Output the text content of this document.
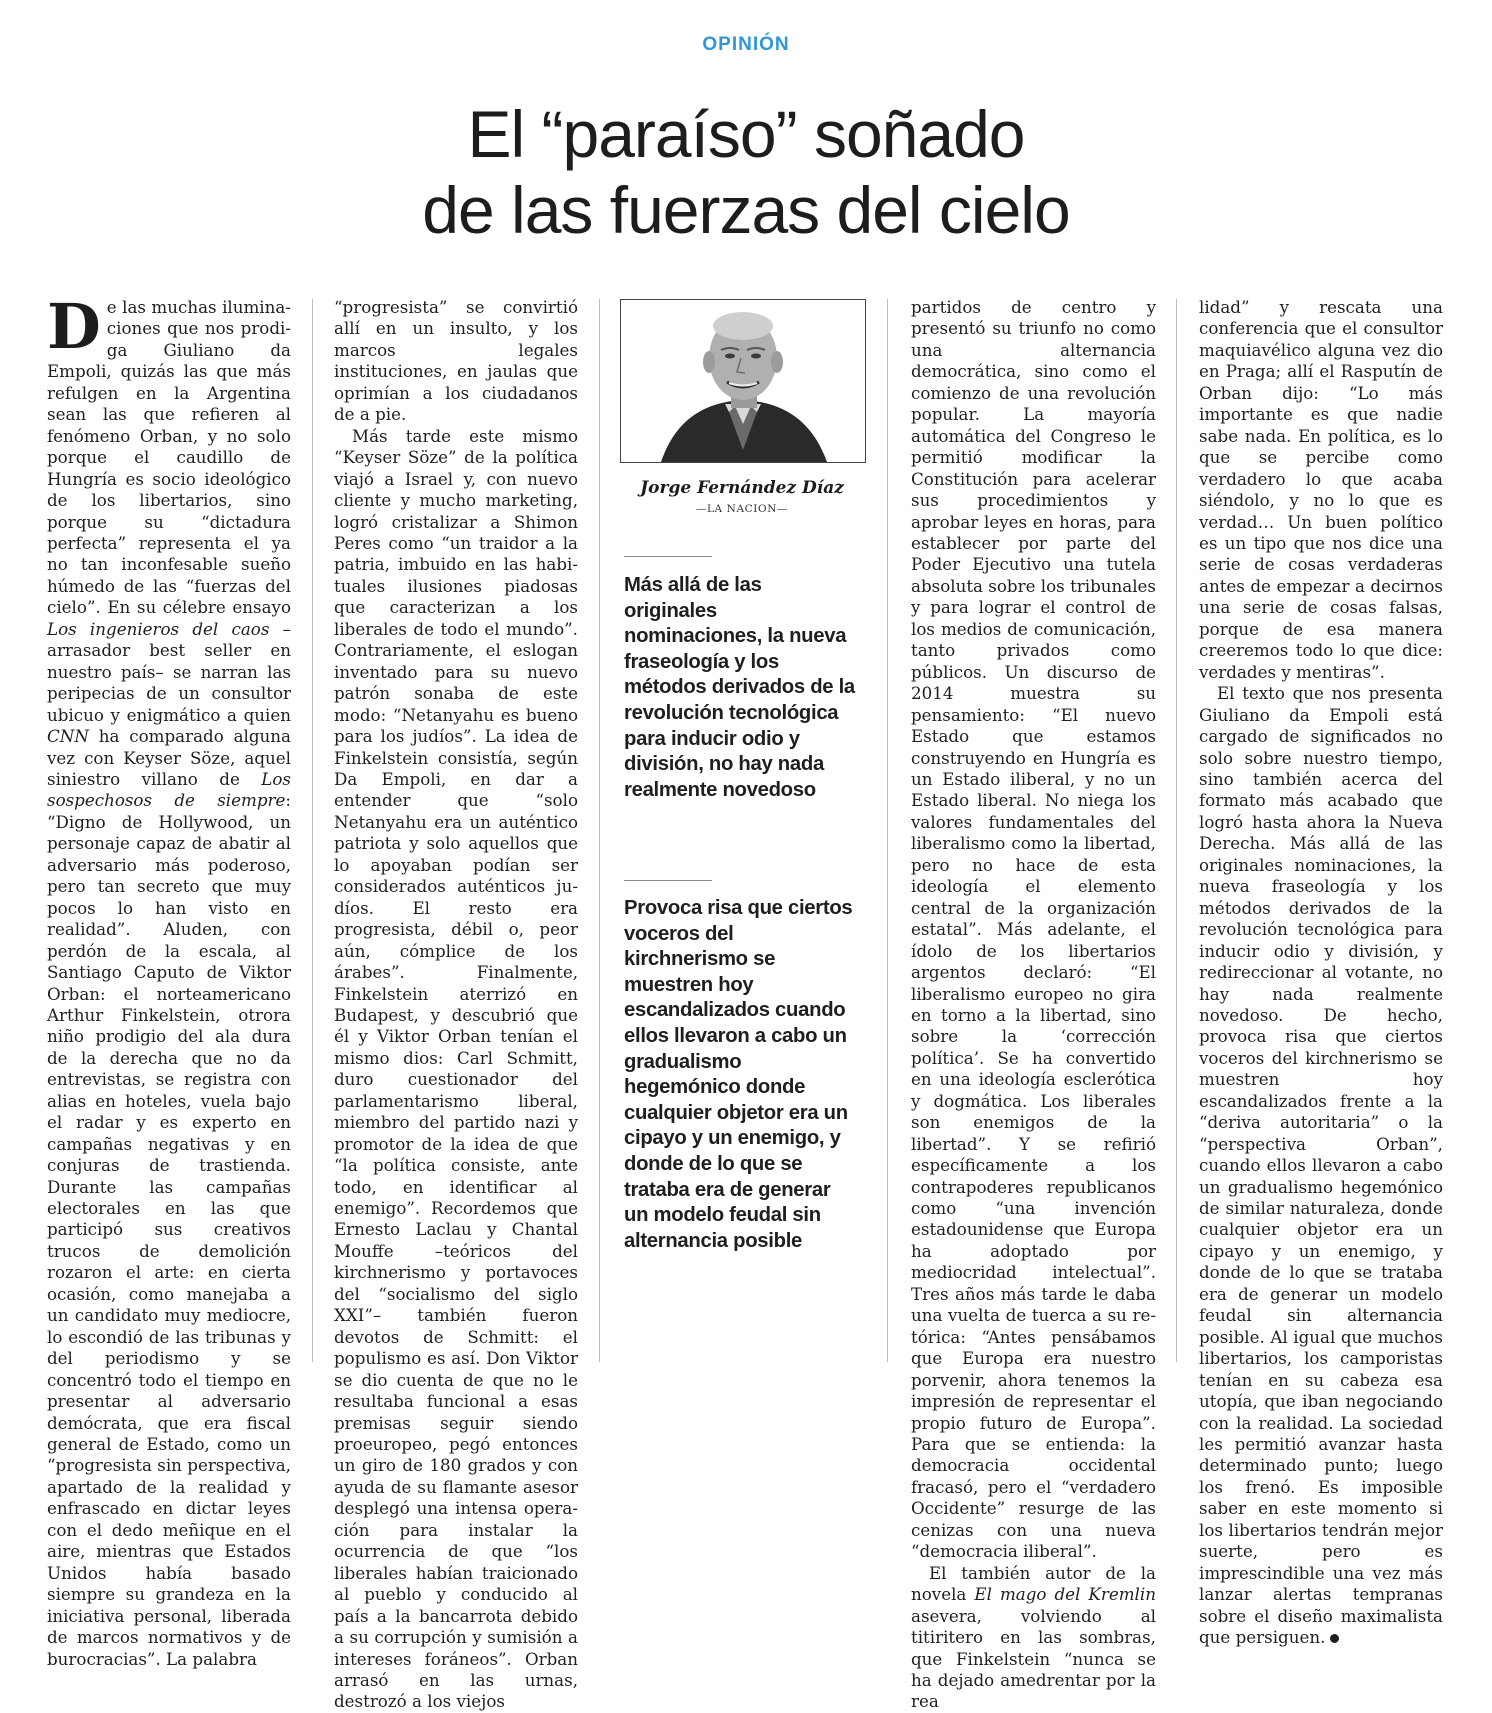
OPINIÓN
El “paraíso” soñado
de las fuerzas del cielo

De las muchas iluminaciones que nos prodiga Giuliano da Empoli, quizás las que más refulgen en la Argentina sean las que refieren al fenómeno Orban, y no solo porque el caudillo de Hungría es socio ideológico de los libertarios, sino porque su “dictadura perfecta” representa el ya no tan inconfesable sueño húmedo de las “fuerzas del cielo”. En su célebre ensayo Los ingenieros del caos –arrasador best seller en nuestro país– se narran las peripecias de un consultor ubicuo y enigmático a quien CNN ha comparado alguna vez con Keyser Söze, aquel siniestro villano de Los sospechosos de siempre: “Digno de Hollywood, un personaje capaz de abatir al adversario más poderoso, pero tan secreto que muy pocos lo han visto en realidad”. Aluden, con perdón de la escala, al Santiago Caputo de Viktor Orban: el norteamericano Arthur Finkelstein, otrora niño prodigio del ala dura de la derecha que no da entrevistas, se registra con alias en hoteles, vuela bajo el radar y es experto en campañas negativas y en conjuras de trastienda. Durante las campañas electorales en las que participó sus creativos trucos de demolición rozaron el arte: en cierta ocasión, como manejaba a un candidato muy mediocre, lo escondió de las tribunas y del periodismo y se concentró todo el tiempo en presentar al adversario demócrata, que era fiscal general de Estado, como un “progresista sin perspectiva, apartado de la realidad y enfrascado en dictar leyes con el dedo meñique en el aire, mientras que Estados Unidos había basado siempre su grandeza en la iniciativa personal, liberada de marcos normativos y de burocracias”. La palabra

“progresista” se convirtió allí en un insulto, y los marcos legales instituciones, en jaulas que oprimían a los ciudadanos de a pie.

Más tarde este mismo “Keyser Söze” de la política viajó a Israel y, con nuevo cliente y mucho marketing, logró cristalizar a Shimon Peres como “un traidor a la patria, imbuido en las habituales ilusiones piadosas que caracterizan a los liberales de todo el mundo”. Contrariamente, el eslogan inventado para su nuevo patrón sonaba de este modo: “Netanyahu es bueno para los judíos”. La idea de Finkelstein consistía, según Da Empoli, en dar a entender que “solo Netanyahu era un auténtico patriota y solo aquellos que lo apoyaban podían ser considerados auténticos judíos. El resto era progresista, débil o, peor aún, cómplice de los árabes”. Finalmente, Finkelstein aterrizó en Budapest, y descubrió que él y Viktor Orban tenían el mismo dios: Carl Schmitt, duro cuestionador del parlamentarismo liberal, miembro del partido nazi y promotor de la idea de que “la política consiste, ante todo, en identificar al enemigo”. Recordemos que Ernesto Laclau y Chantal Mouffe –teóricos del kirchnerismo y portavoces del “socialismo del siglo XXI”– también fueron devotos de Schmitt: el populismo es así. Don Viktor se dio cuenta de que no le resultaba funcional a esas premisas seguir siendo proeuropeo, pegó entonces un giro de 180 grados y con ayuda de su flamante asesor desplegó una intensa operación para instalar la ocurrencia de que “los liberales habían traicionado al pueblo y conducido al país a la bancarrota debido a su corrupción y sumisión a intereses foráneos”. Orban arrasó en las urnas, destrozó a los viejos

Jorge Fernández Díaz
—LA NACION—
Más allá de las originales nominaciones, la nueva fraseología y los métodos derivados de la revolución tecnológica para inducir odio y división, no hay nada realmente novedoso
Provoca risa que ciertos voceros del kirchnerismo se muestren hoy escandalizados cuando ellos llevaron a cabo un gradualismo hegemónico donde cualquier objetor era un cipayo y un enemigo, y donde de lo que se trataba era de generar un modelo feudal sin alternancia posible

partidos de centro y presentó su triunfo no como una alternancia democrática, sino como el comienzo de una revolución popular. La mayoría automática del Congreso le permitió modificar la Constitución para acelerar sus procedimientos y aprobar leyes en horas, para establecer por parte del Poder Ejecutivo una tutela absoluta sobre los tribunales y para lograr el control de los medios de comunicación, tanto privados como públicos. Un discurso de 2014 muestra su pensamiento: “El nuevo Estado que estamos construyendo en Hungría es un Estado iliberal, y no un Estado liberal. No niega los valores fundamentales del liberalismo como la libertad, pero no hace de esta ideología el elemento central de la organización estatal”. Más adelante, el ídolo de los libertarios argentos declaró: “El liberalismo europeo no gira en torno a la libertad, sino sobre la ‘corrección política’. Se ha convertido en una ideología esclerótica y dogmática. Los liberales son enemigos de la libertad”. Y se refirió específicamente a los contrapoderes republicanos como “una invención estadounidense que Europa ha adoptado por mediocridad intelectual”. Tres años más tarde le daba una vuelta de tuerca a su retórica: “Antes pensábamos que Europa era nuestro porvenir, ahora tenemos la impresión de representar el propio futuro de Europa”. Para que se entienda: la democracia occidental fracasó, pero el “verdadero Occidente” resurge de las cenizas con una nueva “democracia iliberal”.

El también autor de la novela El mago del Kremlin asevera, volviendo al titiritero en las sombras, que Finkelstein “nunca se ha dejado amedrentar por la rea

lidad” y rescata una conferencia que el consultor maquiavélico alguna vez dio en Praga; allí el Rasputín de Orban dijo: “Lo más importante es que nadie sabe nada. En política, es lo que se percibe como verdadero lo que acaba siéndolo, y no lo que es verdad… Un buen político es un tipo que nos dice una serie de cosas verdaderas antes de empezar a decirnos una serie de cosas falsas, porque de esa manera creeremos todo lo que dice: verdades y mentiras”.

El texto que nos presenta Giuliano da Empoli está cargado de significados no solo sobre nuestro tiempo, sino también acerca del formato más acabado que logró hasta ahora la Nueva Derecha. Más allá de las originales nominaciones, la nueva fraseología y los métodos derivados de la revolución tecnológica para inducir odio y división, y redireccionar al votante, no hay nada realmente novedoso. De hecho, provoca risa que ciertos voceros del kirchnerismo se muestren hoy escandalizados frente a la “deriva autoritaria” o la “perspectiva Orban”, cuando ellos llevaron a cabo un gradualismo hegemónico de similar naturaleza, donde cualquier objetor era un cipayo y un enemigo, y donde de lo que se trataba era de generar un modelo feudal sin alternancia posible. Al igual que muchos libertarios, los camporistas tenían en su cabeza esa utopía, que iban negociando con la realidad. La sociedad les permitió avanzar hasta determinado punto; luego los frenó. Es imposible saber en este momento si los libertarios tendrán mejor suerte, pero es imprescindible una vez más lanzar alertas tempranas sobre el diseño maximalista que persiguen.
